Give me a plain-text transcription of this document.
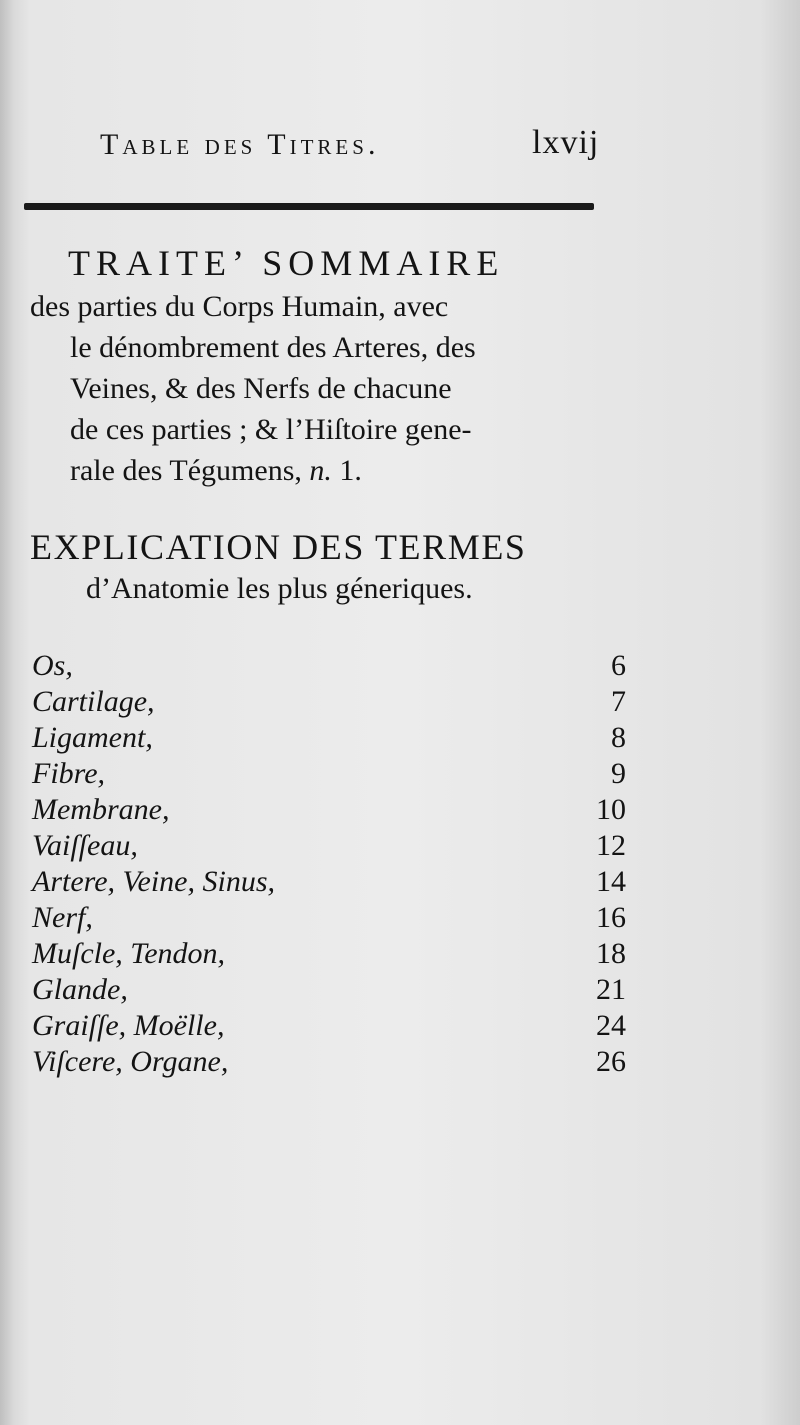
Table des Titres.	lxvij
TRAITE’ SOMMAIRE
des parties du Corps Humain, avec
le dénombrement des Arteres, des
Veines, & des Nerfs de chacune
de ces parties ; & l’Hiſtoire gene-
rale des Tégumens, n. 1.
EXPLICATION DES TERMES
d’Anatomie les plus géneriques.
Os,	6
Cartilage,	7
Ligament,	8
Fibre,	9
Membrane,	10
Vaiſſeau,	12
Artere, Veine, Sinus,	14
Nerf,	16
Muſcle, Tendon,	18
Glande,	21
Graiſſe, Moëlle,	24
Viſcere, Organe,	26
